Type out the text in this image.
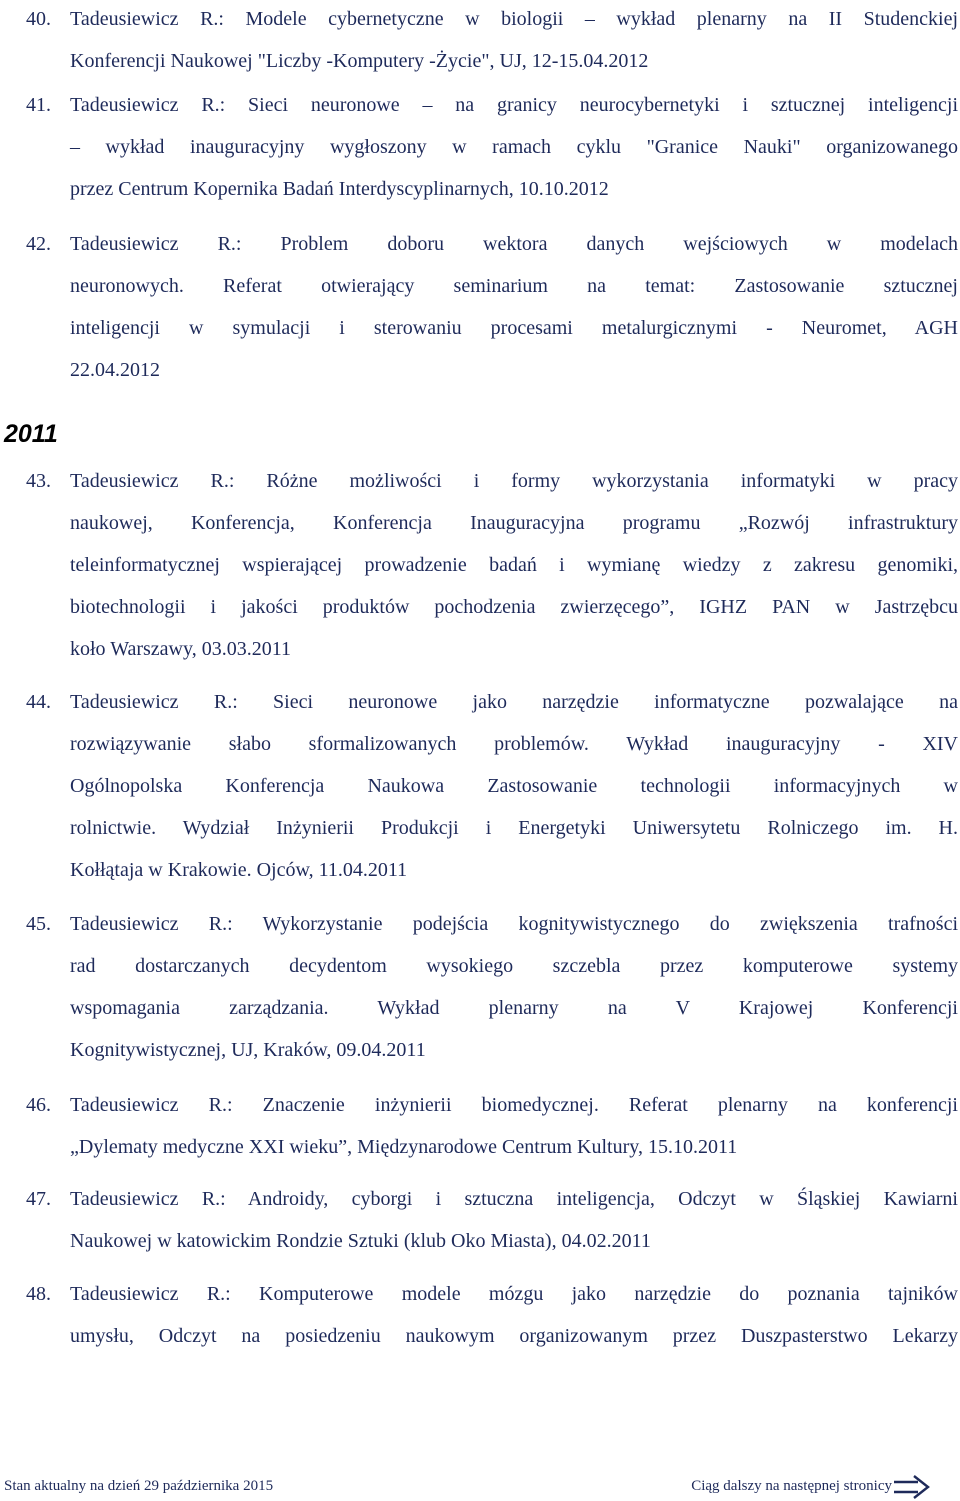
40. Tadeusiewicz R.: Modele cybernetyczne w biologii – wykład plenarny na II Studenckiej
Konferencji Naukowej "Liczby -Komputery -Życie", UJ, 12-15.04.2012
41. Tadeusiewicz R.: Sieci neuronowe – na granicy neurocybernetyki i sztucznej inteligencji
– wykład inauguracyjny wygłoszony w ramach cyklu "Granice Nauki" organizowanego
przez Centrum Kopernika Badań Interdyscyplinarnych, 10.10.2012
42. Tadeusiewicz R.: Problem doboru wektora danych wejściowych w modelach
neuronowych. Referat otwierający seminarium na temat: Zastosowanie sztucznej
inteligencji w symulacji i sterowaniu procesami metalurgicznymi - Neuromet, AGH
22.04.2012
2011
43. Tadeusiewicz R.: Różne możliwości i formy wykorzystania informatyki w pracy
naukowej, Konferencja, Konferencja Inauguracyjna programu „Rozwój infrastruktury
teleinformatycznej wspierającej prowadzenie badań i wymianę wiedzy z zakresu genomiki,
biotechnologii i jakości produktów pochodzenia zwierzęcego”, IGHZ PAN w Jastrzębcu
koło Warszawy, 03.03.2011
44. Tadeusiewicz R.: Sieci neuronowe jako narzędzie informatyczne pozwalające na
rozwiązywanie słabo sformalizowanych problemów. Wykład inauguracyjny - XIV
Ogólnopolska Konferencja Naukowa Zastosowanie technologii informacyjnych w
rolnictwie. Wydział Inżynierii Produkcji i Energetyki Uniwersytetu Rolniczego im. H.
Kołłątaja w Krakowie. Ojców, 11.04.2011
45. Tadeusiewicz R.: Wykorzystanie podejścia kognitywistycznego do zwiększenia trafności
rad dostarczanych decydentom wysokiego szczebla przez komputerowe systemy
wspomagania zarządzania. Wykład plenarny na V Krajowej Konferencji
Kognitywistycznej, UJ, Kraków, 09.04.2011
46. Tadeusiewicz R.: Znaczenie inżynierii biomedycznej. Referat plenarny na konferencji
„Dylematy medyczne XXI wieku”, Międzynarodowe Centrum Kultury, 15.10.2011
47. Tadeusiewicz R.: Androidy, cyborgi i sztuczna inteligencja, Odczyt w Śląskiej Kawiarni
Naukowej w katowickim Rondzie Sztuki (klub Oko Miasta), 04.02.2011
48. Tadeusiewicz R.: Komputerowe modele mózgu jako narzędzie do poznania tajników
umysłu, Odczyt na posiedzeniu naukowym organizowanym przez Duszpasterstwo Lekarzy
Stan aktualny na dzień 29 października 2015	Ciąg dalszy na następnej stronicy
